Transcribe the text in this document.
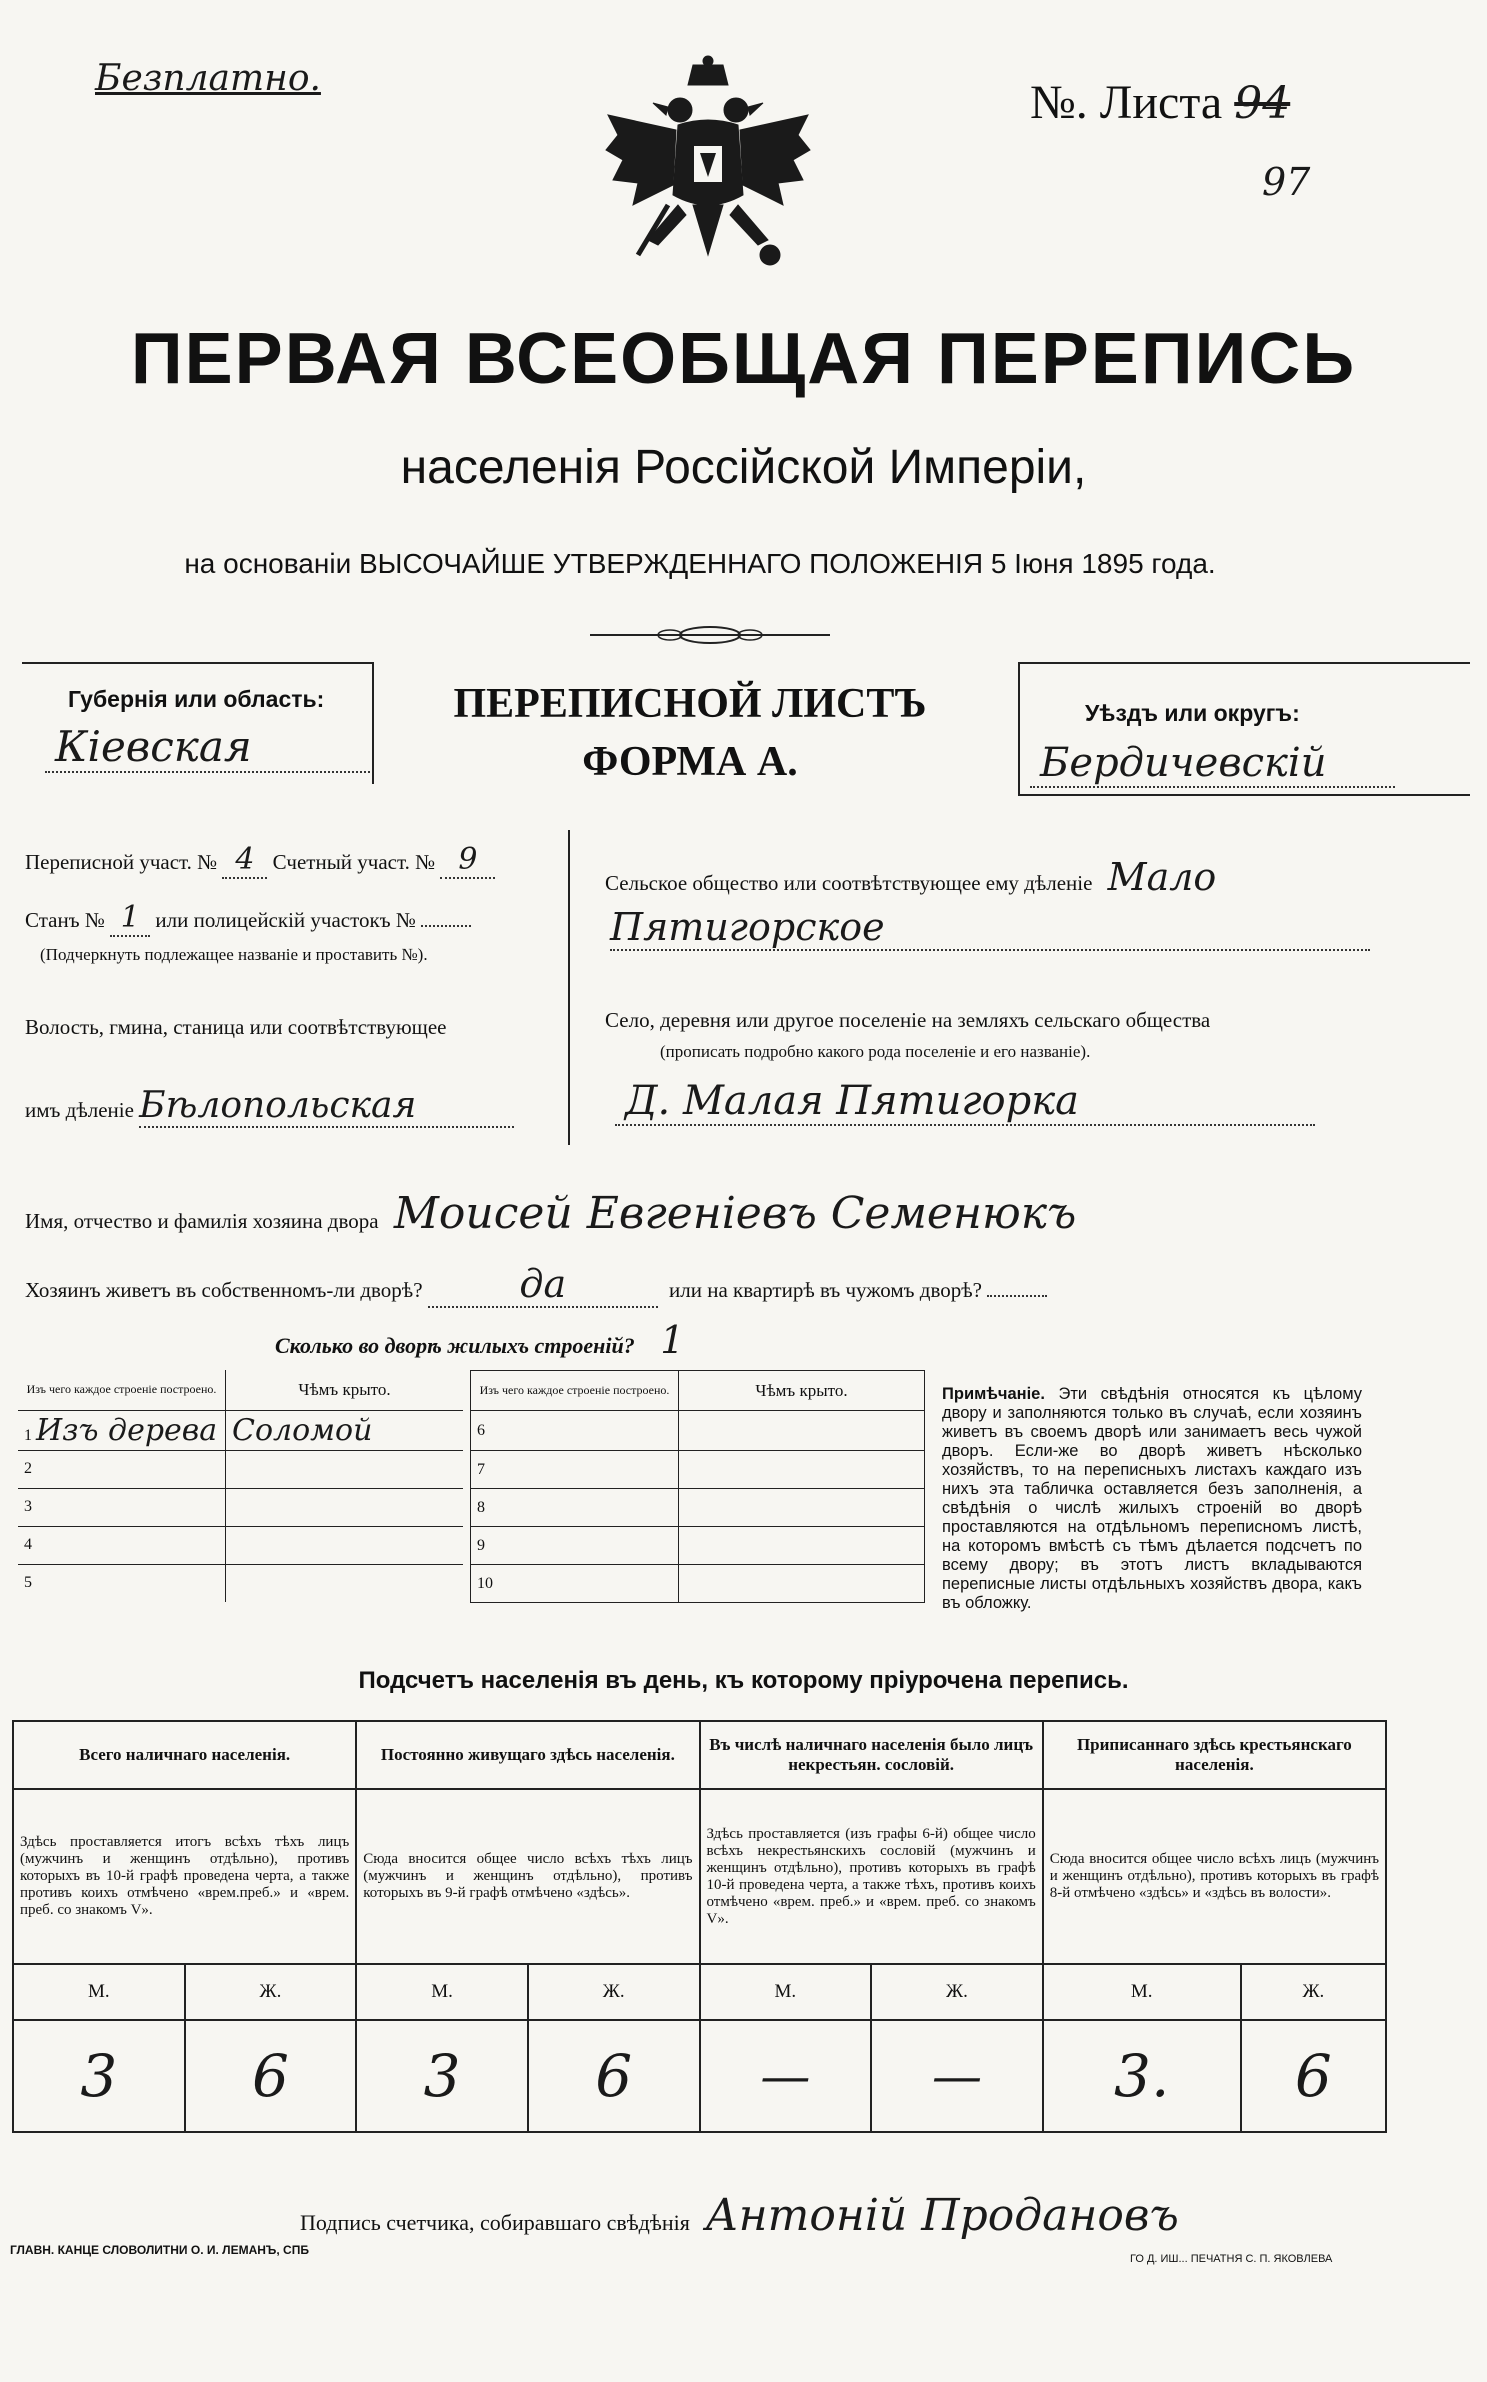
Безплатно.	№. Листа 94
97
ПЕРВАЯ ВСЕОБЩАЯ ПЕРЕПИСЬ
населенія Россійской Имперіи,
на основаніи ВЫСОЧАЙШЕ УТВЕРЖДЕННАГО ПОЛОЖЕНІЯ 5 Іюня 1895 года.
Губернія или область:
Кіевская
ПЕРЕПИСНОЙ ЛИСТЪ
ФОРМА А.
Уѣздъ или округъ:
Бердичевскій
Переписной участ. № 4 Счетный участ. № 9
Станъ № 1 или полицейскій участокъ №
(Подчеркнуть подлежащее названіе и проставить №).
Волость, гмина, станица или соотвѣтствующее
имъ дѣленіе Бѣлопольская
Сельское общество или соотвѣтствующее ему дѣленіе Мало
Пятигорское
Село, деревня или другое поселеніе на земляхъ сельскаго общества
(прописать подробно какого рода поселеніе и его названіе).
Д. Малая Пятигорка
Имя, отчество и фамилія хозяина двора Моисей Евгеніевъ Семенюкъ
Хозяинъ живетъ въ собственномъ-ли дворѣ?	да	или на квартирѣ въ чужомъ дворѣ?
Сколько во дворѣ жилыхъ строеній? 1
Изъ чего каждое строеніе построено.	Чѣмъ крыто.
1 Изъ дерева	Соломой
2	
3	
4	
5	
Изъ чего каждое строеніе построено.	Чѣмъ крыто.
6	
7	
8	
9	
10	
Примѣчаніе. Эти свѣдѣнія относятся къ цѣлому двору и заполняются только въ случаѣ, если хозяинъ живетъ въ своемъ дворѣ или занимаетъ весь чужой дворъ. Если-же во дворѣ живетъ нѣсколько хозяйствъ, то на переписныхъ листахъ каждаго изъ нихъ эта табличка оставляется безъ заполненія, а свѣдѣнія о числѣ жилыхъ строеній во дворѣ проставляются на отдѣльномъ переписномъ листѣ, на которомъ вмѣстѣ съ тѣмъ дѣлается подсчетъ по всему двору; въ этотъ листъ вкладываются переписные листы отдѣльныхъ хозяйствъ двора, какъ въ обложку.
Подсчетъ населенія въ день, къ которому пріурочена перепись.
Всего наличнаго населенія.		Постоянно живущаго здѣсь населенія.		Въ числѣ наличнаго населенія было лицъ некрестьян. сословій.		Приписаннаго здѣсь крестьянскаго населенія.	
Здѣсь проставляется итогъ всѣхъ тѣхъ лицъ (мужчинъ и женщинъ отдѣльно), противъ которыхъ въ 10-й графѣ проведена черта, а также противъ коихъ отмѣчено «врем.преб.» и «врем. преб. со знакомъ V».		Сюда вносится общее число всѣхъ тѣхъ лицъ (мужчинъ и женщинъ отдѣльно), противъ которыхъ въ 9-й графѣ отмѣчено «здѣсь».		Здѣсь проставляется (изъ графы 6-й) общее число всѣхъ некрестьянскихъ сословій (мужчинъ и женщинъ отдѣльно), противъ которыхъ въ графѣ 10-й проведена черта, а также тѣхъ, противъ коихъ отмѣчено «врем. преб.» и «врем. преб. со знакомъ V».		Сюда вносится общее число всѣхъ лицъ (мужчинъ и женщинъ отдѣльно), противъ которыхъ въ графѣ 8-й отмѣчено «здѣсь» и «здѣсь въ волости».	
М.	Ж.	М.	Ж.	М.	Ж.	М.	Ж.
3	6	3	6	—	—	3.	6
Подпись счетчика, собиравшаго свѣдѣнія Антоній Продановъ
ГЛАВН. КАНЦЕ СЛОВОЛИТНИ О. И. ЛЕМАНЪ, СПБ
ГО Д. ИШ... ПЕЧАТНЯ С. П. ЯКОВЛЕВА
